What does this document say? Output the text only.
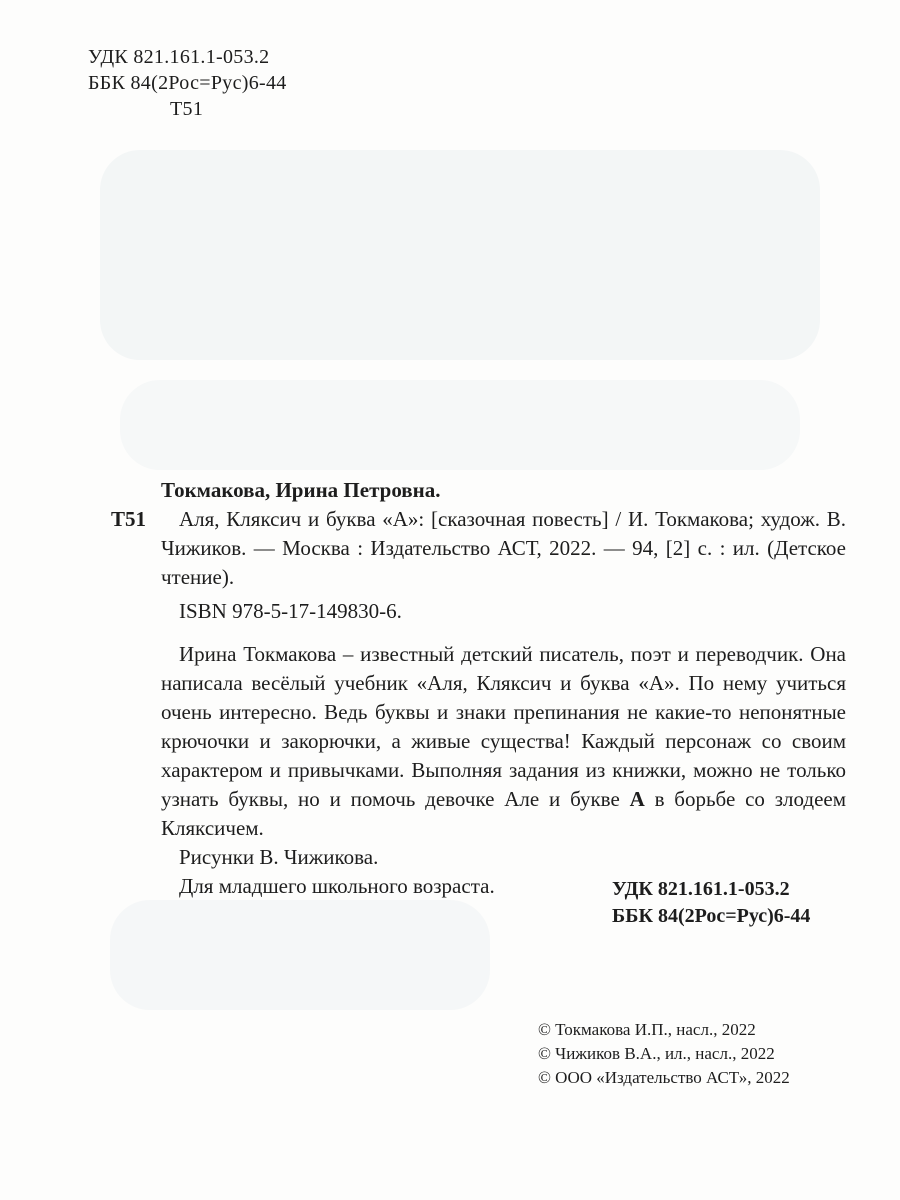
УДК 821.161.1-053.2
ББК 84(2Рос=Рус)6-44
Т51
Токмакова, Ирина Петровна.
Т51	Аля, Кляксич и буква «А»: [сказочная повесть] / И. Токмакова; худож. В. Чижиков. — Москва : Издательство АСТ, 2022. — 94, [2] с. : ил. (Детское чтение).

ISBN 978-5-17-149830-6.

Ирина Токмакова – известный детский писатель, поэт и переводчик. Она написала весёлый учебник «Аля, Кляксич и буква «А». По нему учиться очень интересно. Ведь буквы и знаки препинания не какие-то непонятные крючочки и закорючки, а живые существа! Каждый персонаж со своим характером и привычками. Выполняя задания из книжки, можно не только узнать буквы, но и помочь девочке Але и букве А в борьбе со злодеем Кляксичем.

Рисунки В. Чижикова.

Для младшего школьного возраста.	УДК 821.161.1-053.2
ББК 84(2Рос=Рус)6-44
© Токмакова И.П., насл., 2022
© Чижиков В.А., ил., насл., 2022
© ООО «Издательство АСТ», 2022
